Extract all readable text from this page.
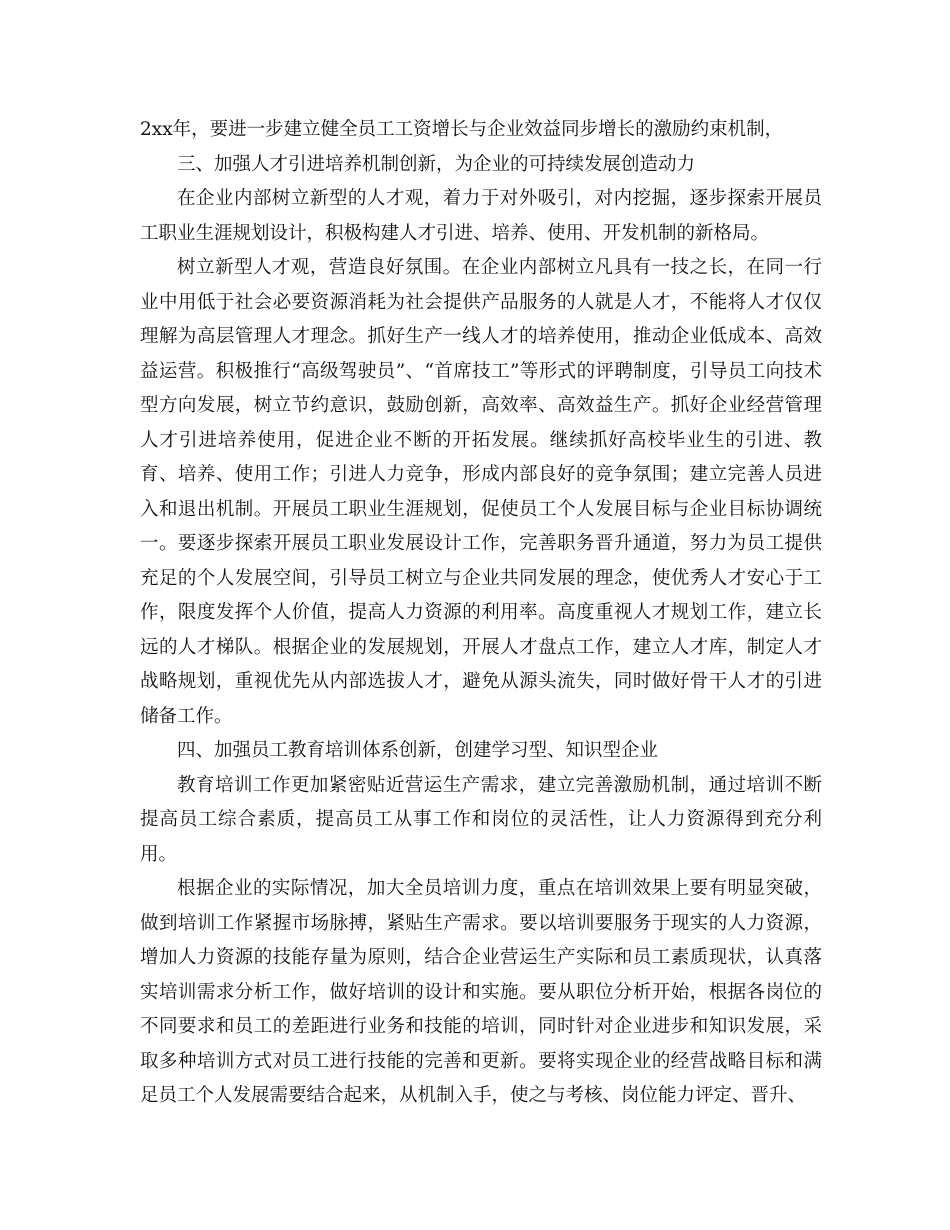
2xx年，要进一步建立健全员工工资增长与企业效益同步增长的激励约束机制，

三、加强人才引进培养机制创新，为企业的可持续发展创造动力

在企业内部树立新型的人才观，着力于对外吸引，对内挖掘，逐步探索开展员工职业生涯规划设计，积极构建人才引进、培养、使用、开发机制的新格局。

树立新型人才观，营造良好氛围。在企业内部树立凡具有一技之长，在同一行业中用低于社会必要资源消耗为社会提供产品服务的人就是人才，不能将人才仅仅理解为高层管理人才理念。抓好生产一线人才的培养使用，推动企业低成本、高效益运营。积极推行“高级驾驶员”、“首席技工”等形式的评聘制度，引导员工向技术型方向发展，树立节约意识，鼓励创新，高效率、高效益生产。抓好企业经营管理人才引进培养使用，促进企业不断的开拓发展。继续抓好高校毕业生的引进、教育、培养、使用工作；引进人力竞争，形成内部良好的竞争氛围；建立完善人员进入和退出机制。开展员工职业生涯规划，促使员工个人发展目标与企业目标协调统一。要逐步探索开展员工职业发展设计工作，完善职务晋升通道，努力为员工提供充足的个人发展空间，引导员工树立与企业共同发展的理念，使优秀人才安心于工作，限度发挥个人价值，提高人力资源的利用率。高度重视人才规划工作，建立长远的人才梯队。根据企业的发展规划，开展人才盘点工作，建立人才库，制定人才战略规划，重视优先从内部选拔人才，避免从源头流失，同时做好骨干人才的引进储备工作。

四、加强员工教育培训体系创新，创建学习型、知识型企业

教育培训工作更加紧密贴近营运生产需求，建立完善激励机制，通过培训不断提高员工综合素质，提高员工从事工作和岗位的灵活性，让人力资源得到充分利用。

根据企业的实际情况，加大全员培训力度，重点在培训效果上要有明显突破，做到培训工作紧握市场脉搏，紧贴生产需求。要以培训要服务于现实的人力资源，增加人力资源的技能存量为原则，结合企业营运生产实际和员工素质现状，认真落实培训需求分析工作，做好培训的设计和实施。要从职位分析开始，根据各岗位的不同要求和员工的差距进行业务和技能的培训，同时针对企业进步和知识发展，采取多种培训方式对员工进行技能的完善和更新。要将实现企业的经营战略目标和满足员工个人发展需要结合起来，从机制入手，使之与考核、岗位能力评定、晋升、
